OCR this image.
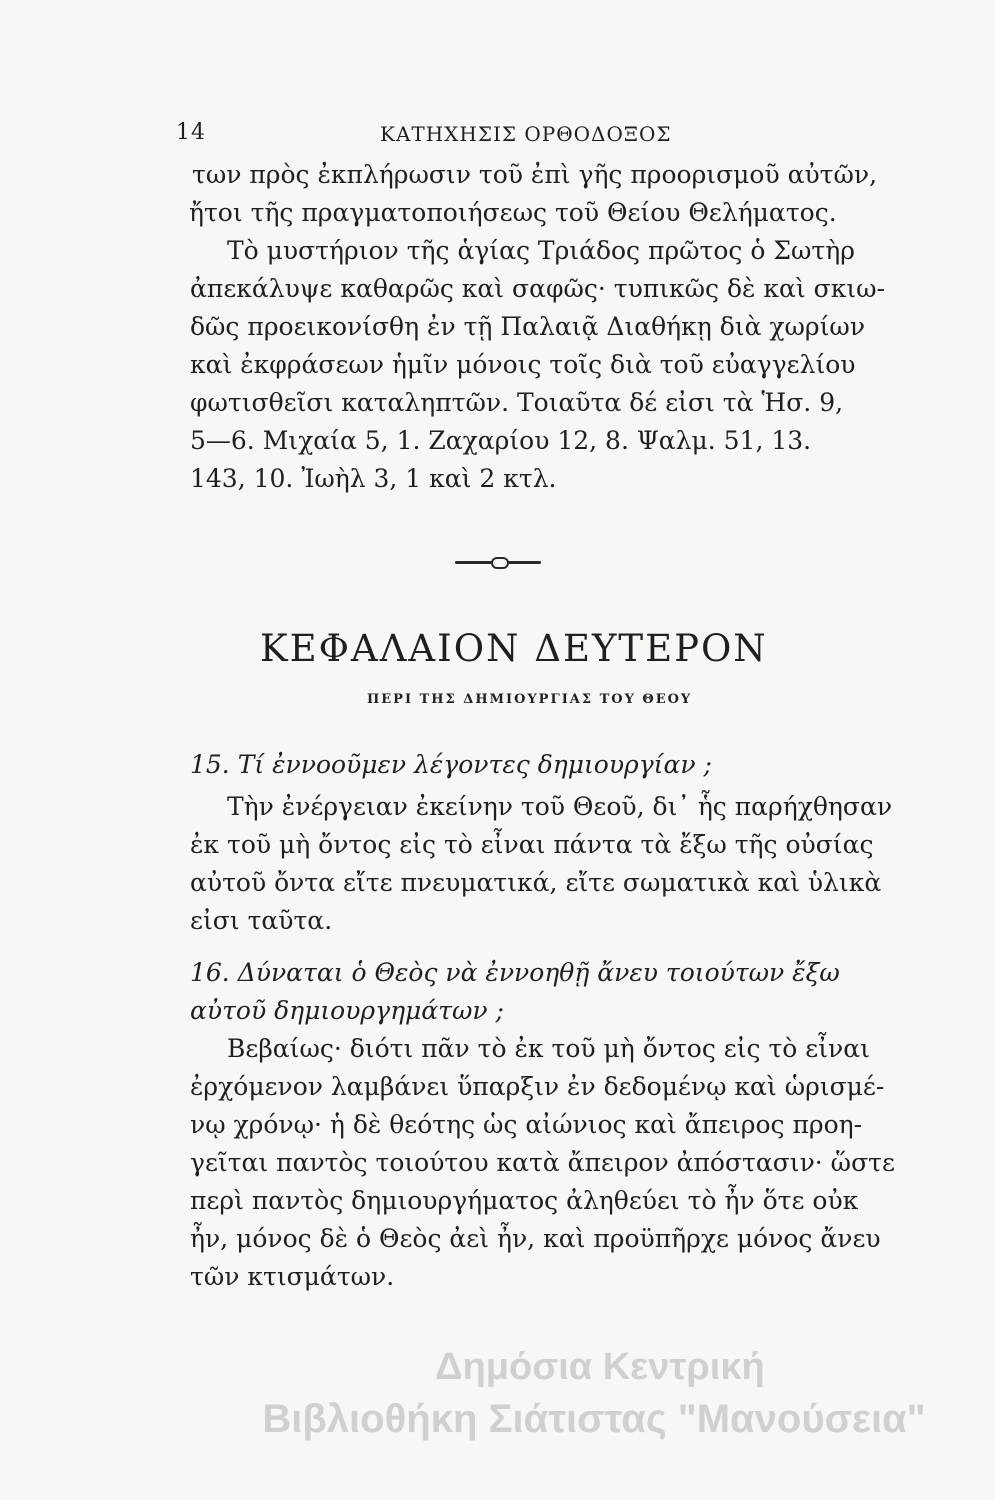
14	ΚΑΤΗΧΗΣΙΣ ΟΡΘΟΔΟΞΟΣ
των πρὸς ἐκπλήρωσιν τοῦ ἐπὶ γῆς προορισμοῦ αὐτῶν,
ἤτοι τῆς πραγματοποιήσεως τοῦ Θείου Θελήματος.
Τὸ μυστήριον τῆς ἁγίας Τριάδος πρῶτος ὁ Σωτὴρ
ἀπεκάλυψε καθαρῶς καὶ σαφῶς· τυπικῶς δὲ καὶ σκιω-
δῶς προεικονίσθη ἐν τῇ Παλαιᾷ Διαθήκῃ διὰ χωρίων
καὶ ἐκφράσεων ἡμῖν μόνοις τοῖς διὰ τοῦ εὐαγγελίου
φωτισθεῖσι καταληπτῶν. Τοιαῦτα δέ εἰσι τὰ Ἡσ. 9,
5—6. Μιχαία 5, 1. Ζαχαρίου 12, 8. Ψαλμ. 51, 13.
143, 10. Ἰωὴλ 3, 1 καὶ 2 κτλ.
ΚΕΦΑΛΑΙΟΝ ΔΕΥΤΕΡΟΝ
ΠΕΡΙ ΤΗΣ ΔΗΜΙΟΥΡΓΙΑΣ ΤΟΥ ΘΕΟΥ
15. Τί ἐννοοῦμεν λέγοντες δημιουργίαν ;
Τὴν ἐνέργειαν ἐκείνην τοῦ Θεοῦ, δι᾽ ἧς παρήχθησαν
ἐκ τοῦ μὴ ὄντος εἰς τὸ εἶναι πάντα τὰ ἔξω τῆς οὐσίας
αὐτοῦ ὄντα εἴτε πνευματικά, εἴτε σωματικὰ καὶ ὑλικὰ
εἰσι ταῦτα.
16. Δύναται ὁ Θεὸς νὰ ἐννοηθῇ ἄνευ τοιούτων ἔξω
αὐτοῦ δημιουργημάτων ;
Βεβαίως· διότι πᾶν τὸ ἐκ τοῦ μὴ ὄντος εἰς τὸ εἶναι
ἐρχόμενον λαμβάνει ὕπαρξιν ἐν δεδομένῳ καὶ ὡρισμέ-
νῳ χρόνῳ· ἡ δὲ θεότης ὡς αἰώνιος καὶ ἄπειρος προη-
γεῖται παντὸς τοιούτου κατὰ ἄπειρον ἀπόστασιν· ὥστε
περὶ παντὸς δημιουργήματος ἀληθεύει τὸ ἦν ὅτε οὐκ
ἦν, μόνος δὲ ὁ Θεὸς ἀεὶ ἦν, καὶ προϋπῆρχε μόνος ἄνευ
τῶν κτισμάτων.
Δημόσια Κεντρική
Βιβλιοθήκη Σιάτιστας "Μανούσεια"
